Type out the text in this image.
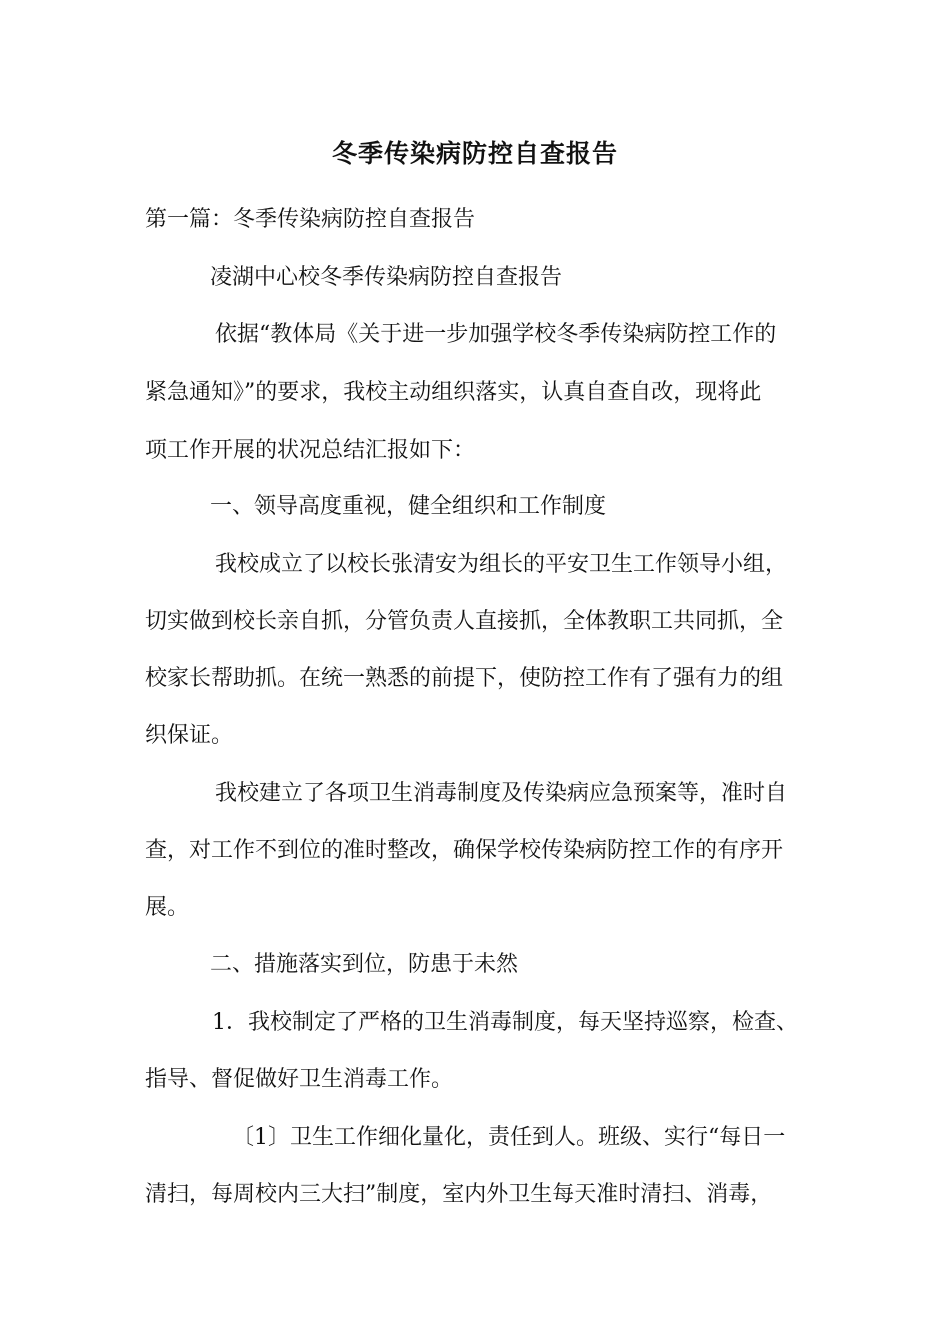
冬季传染病防控自查报告
第一篇：冬季传染病防控自查报告
凌湖中心校冬季传染病防控自查报告
依据“教体局《关于进一步加强学校冬季传染病防控工作的
紧急通知》”的要求，我校主动组织落实，认真自查自改，现将此
项工作开展的状况总结汇报如下：
一、领导高度重视，健全组织和工作制度
我校成立了以校长张清安为组长的平安卫生工作领导小组，
切实做到校长亲自抓，分管负责人直接抓，全体教职工共同抓，全
校家长帮助抓。在统一熟悉的前提下，使防控工作有了强有力的组
织保证。
我校建立了各项卫生消毒制度及传染病应急预案等，准时自
查，对工作不到位的准时整改，确保学校传染病防控工作的有序开
展。
二、措施落实到位，防患于未然
1．我校制定了严格的卫生消毒制度，每天坚持巡察，检查、
指导、督促做好卫生消毒工作。
〔1〕卫生工作细化量化，责任到人。班级、实行“每日一
清扫，每周校内三大扫”制度，室内外卫生每天准时清扫、消毒，
